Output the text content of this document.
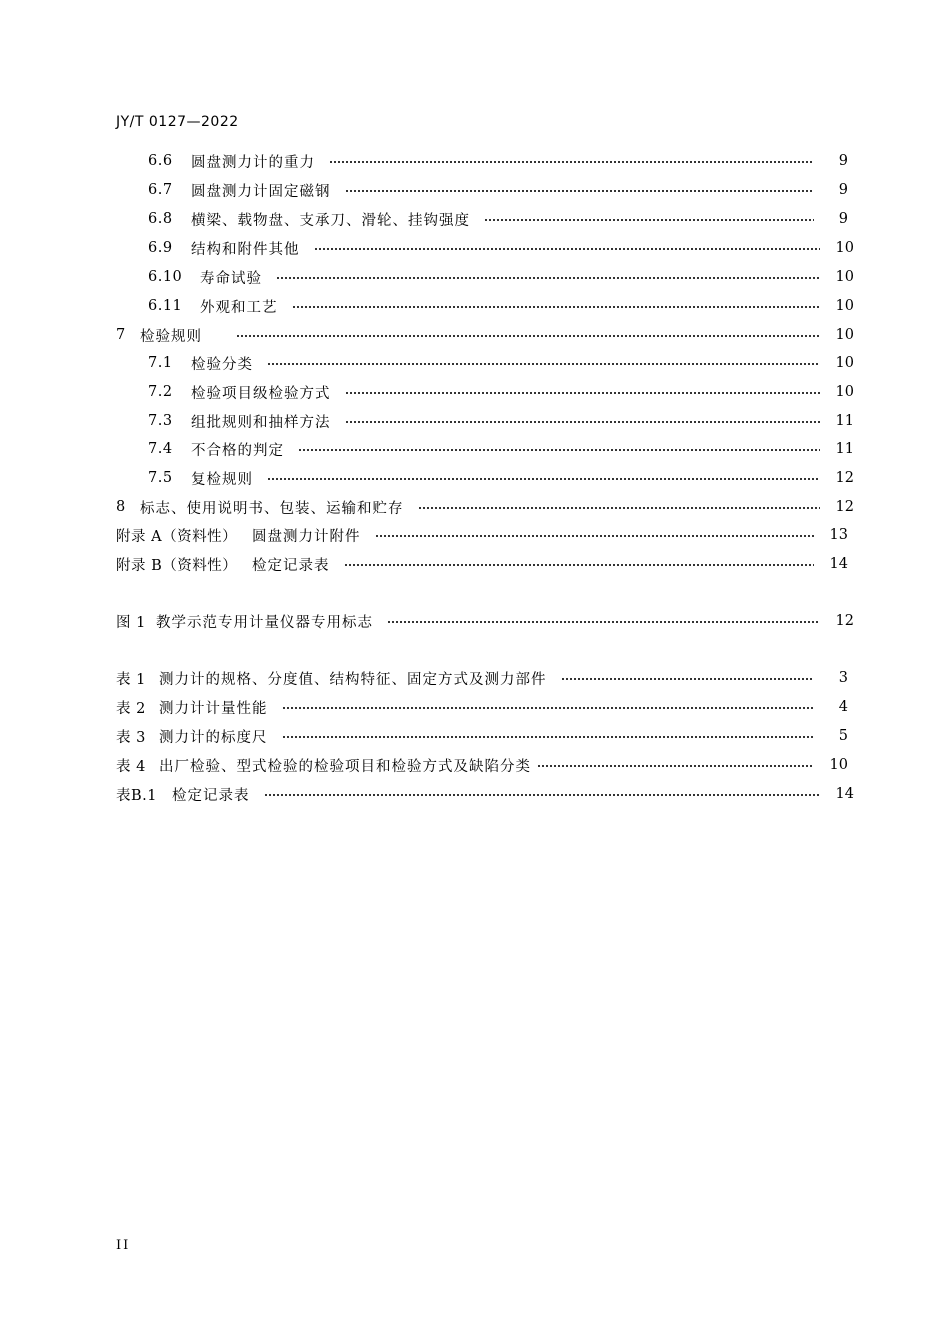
JY/T 0127—2022
6.6	圆盘测力计的重力	9
6.7	圆盘测力计固定磁钢	9
6.8	横梁、载物盘、支承刀、滑轮、挂钩强度	9
6.9	结构和附件其他	10
6.10	寿命试验	10
6.11	外观和工艺	10
7 检验规则	10
7.1	检验分类	10
7.2	检验项目级检验方式	10
7.3	组批规则和抽样方法	11
7.4	不合格的判定	11
7.5	复检规则	12
8 标志、使用说明书、包装、运输和贮存	12
附录 A（资料性）	圆盘测力计附件	13
附录 B（资料性）	检定记录表	14
图 1 教学示范专用计量仪器专用标志	12
表 1 测力计的规格、分度值、结构特征、固定方式及测力部件	3
表 2 测力计计量性能	4
表 3 测力计的标度尺	5
表 4 出厂检验、型式检验的检验项目和检验方式及缺陷分类	10
表B.1	检定记录表	14
II
